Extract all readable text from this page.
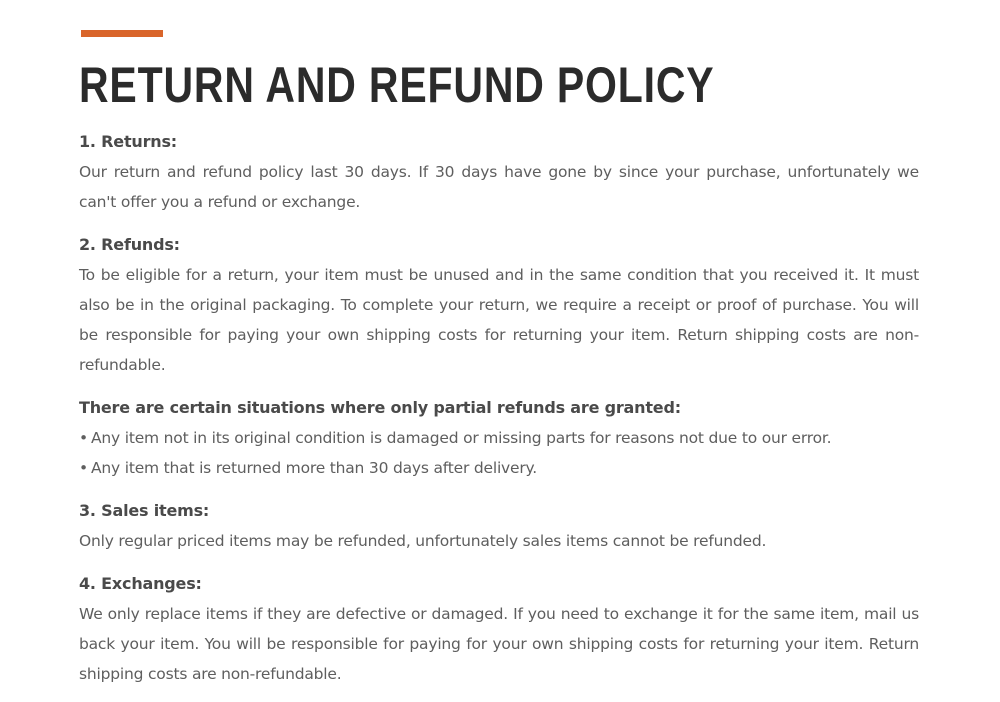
RETURN AND REFUND POLICY

1. Returns:

Our return and refund policy last 30 days. If 30 days have gone by since your purchase, unfortunately we can't offer you a refund or exchange.

2. Refunds:

To be eligible for a return, your item must be unused and in the same condition that you received it. It must also be in the original packaging. To complete your return, we require a receipt or proof of purchase. You will be responsible for paying your own shipping costs for returning your item. Return shipping costs are non-refundable.

There are certain situations where only partial refunds are granted:

• Any item not in its original condition is damaged or missing parts for reasons not due to our error.
• Any item that is returned more than 30 days after delivery.

3. Sales items:

Only regular priced items may be refunded, unfortunately sales items cannot be refunded.

4. Exchanges:

We only replace items if they are defective or damaged. If you need to exchange it for the same item, mail us back your item. You will be responsible for paying for your own shipping costs for returning your item. Return shipping costs are non-refundable.
